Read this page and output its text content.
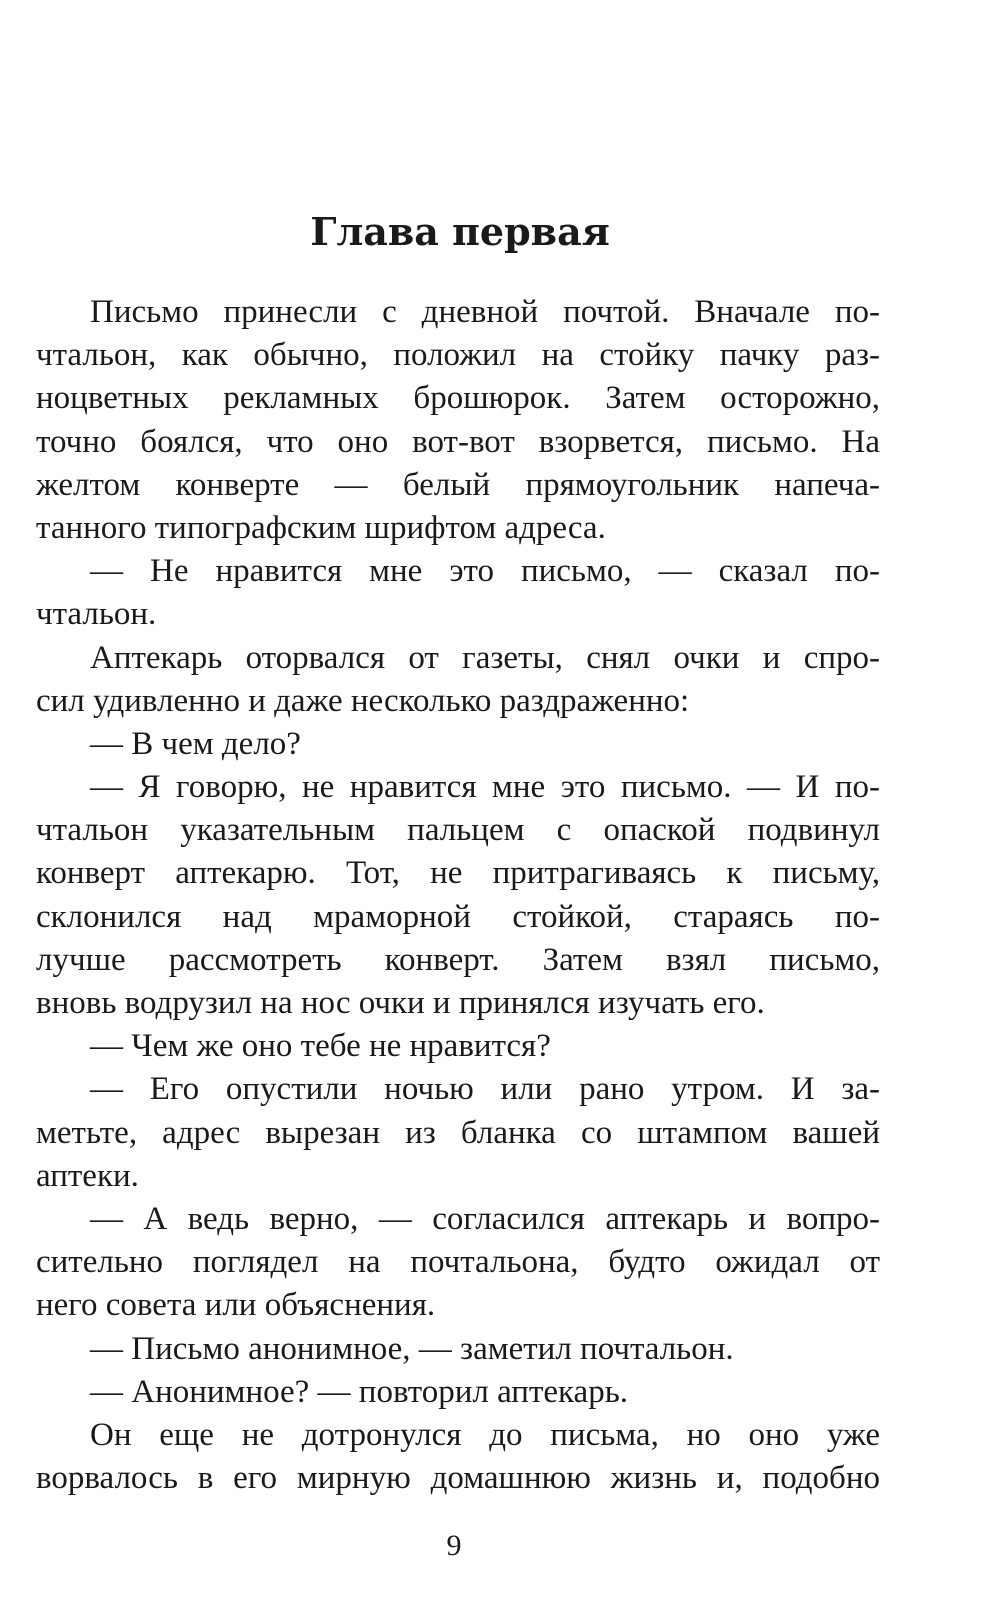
Глава первая
Письмо принесли с дневной почтой. Вначале по-
чтальон, как обычно, положил на стойку пачку раз-
ноцветных рекламных брошюрок. Затем осторожно,
точно боялся, что оно вот-вот взорвется, письмо. На
желтом конверте — белый прямоугольник напеча-
танного типографским шрифтом адреса.
— Не нравится мне это письмо, — сказал по-
чтальон.
Аптекарь оторвался от газеты, снял очки и спро-
сил удивленно и даже несколько раздраженно:
— В чем дело?
— Я говорю, не нравится мне это письмо. — И по-
чтальон указательным пальцем с опаской подвинул
конверт аптекарю. Тот, не притрагиваясь к письму,
склонился над мраморной стойкой, стараясь по-
лучше рассмотреть конверт. Затем взял письмо,
вновь водрузил на нос очки и принялся изучать его.
— Чем же оно тебе не нравится?
— Его опустили ночью или рано утром. И за-
метьте, адрес вырезан из бланка со штампом вашей
аптеки.
— А ведь верно, — согласился аптекарь и вопро-
сительно поглядел на почтальона, будто ожидал от
него совета или объяснения.
— Письмо анонимное, — заметил почтальон.
— Анонимное? — повторил аптекарь.
Он еще не дотронулся до письма, но оно уже
ворвалось в его мирную домашнюю жизнь и, подобно
9
